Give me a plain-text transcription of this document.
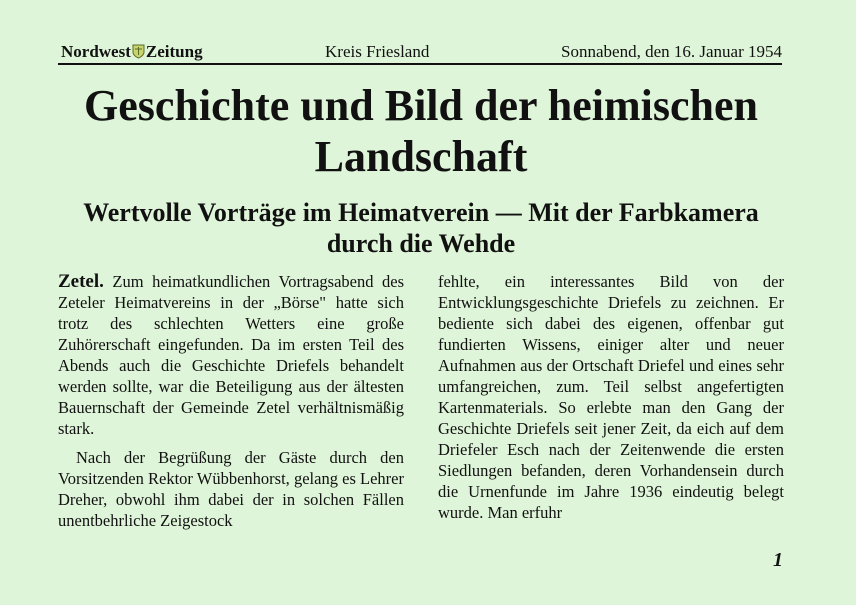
Nordwest Zeitung	Kreis Friesland	Sonnabend, den 16. Januar 1954
Geschichte und Bild der heimischen Landschaft
Wertvolle Vorträge im Heimatverein — Mit der Farbkamera durch die Wehde

Zetel. Zum heimatkundlichen Vortragsabend des Zeteler Heimatvereins in der „Börse" hatte sich trotz des schlechten Wetters eine große Zuhörerschaft eingefunden. Da im ersten Teil des Abends auch die Geschichte Driefels behandelt werden sollte, war die Beteiligung aus der ältesten Bauernschaft der Gemeinde Zetel verhältnismäßig stark.

Nach der Begrüßung der Gäste durch den Vorsitzenden Rektor Wübbenhorst, gelang es Lehrer Dreher, obwohl ihm dabei der in solchen Fällen unentbehrliche Zeigestock

fehlte, ein interessantes Bild von der Entwicklungsgeschichte Driefels zu zeichnen. Er bediente sich dabei des eigenen, offenbar gut fundierten Wissens, einiger alter und neuer Aufnahmen aus der Ortschaft Driefel und eines sehr umfangreichen, zum. Teil selbst angefertigten Kartenmaterials. So erlebte man den Gang der Geschichte Driefels seit jener Zeit, da eich auf dem Driefeler Esch nach der Zeitenwende die ersten Siedlungen befanden, deren Vorhandensein durch die Urnenfunde im Jahre 1936 eindeutig belegt wurde. Man erfuhr

1
